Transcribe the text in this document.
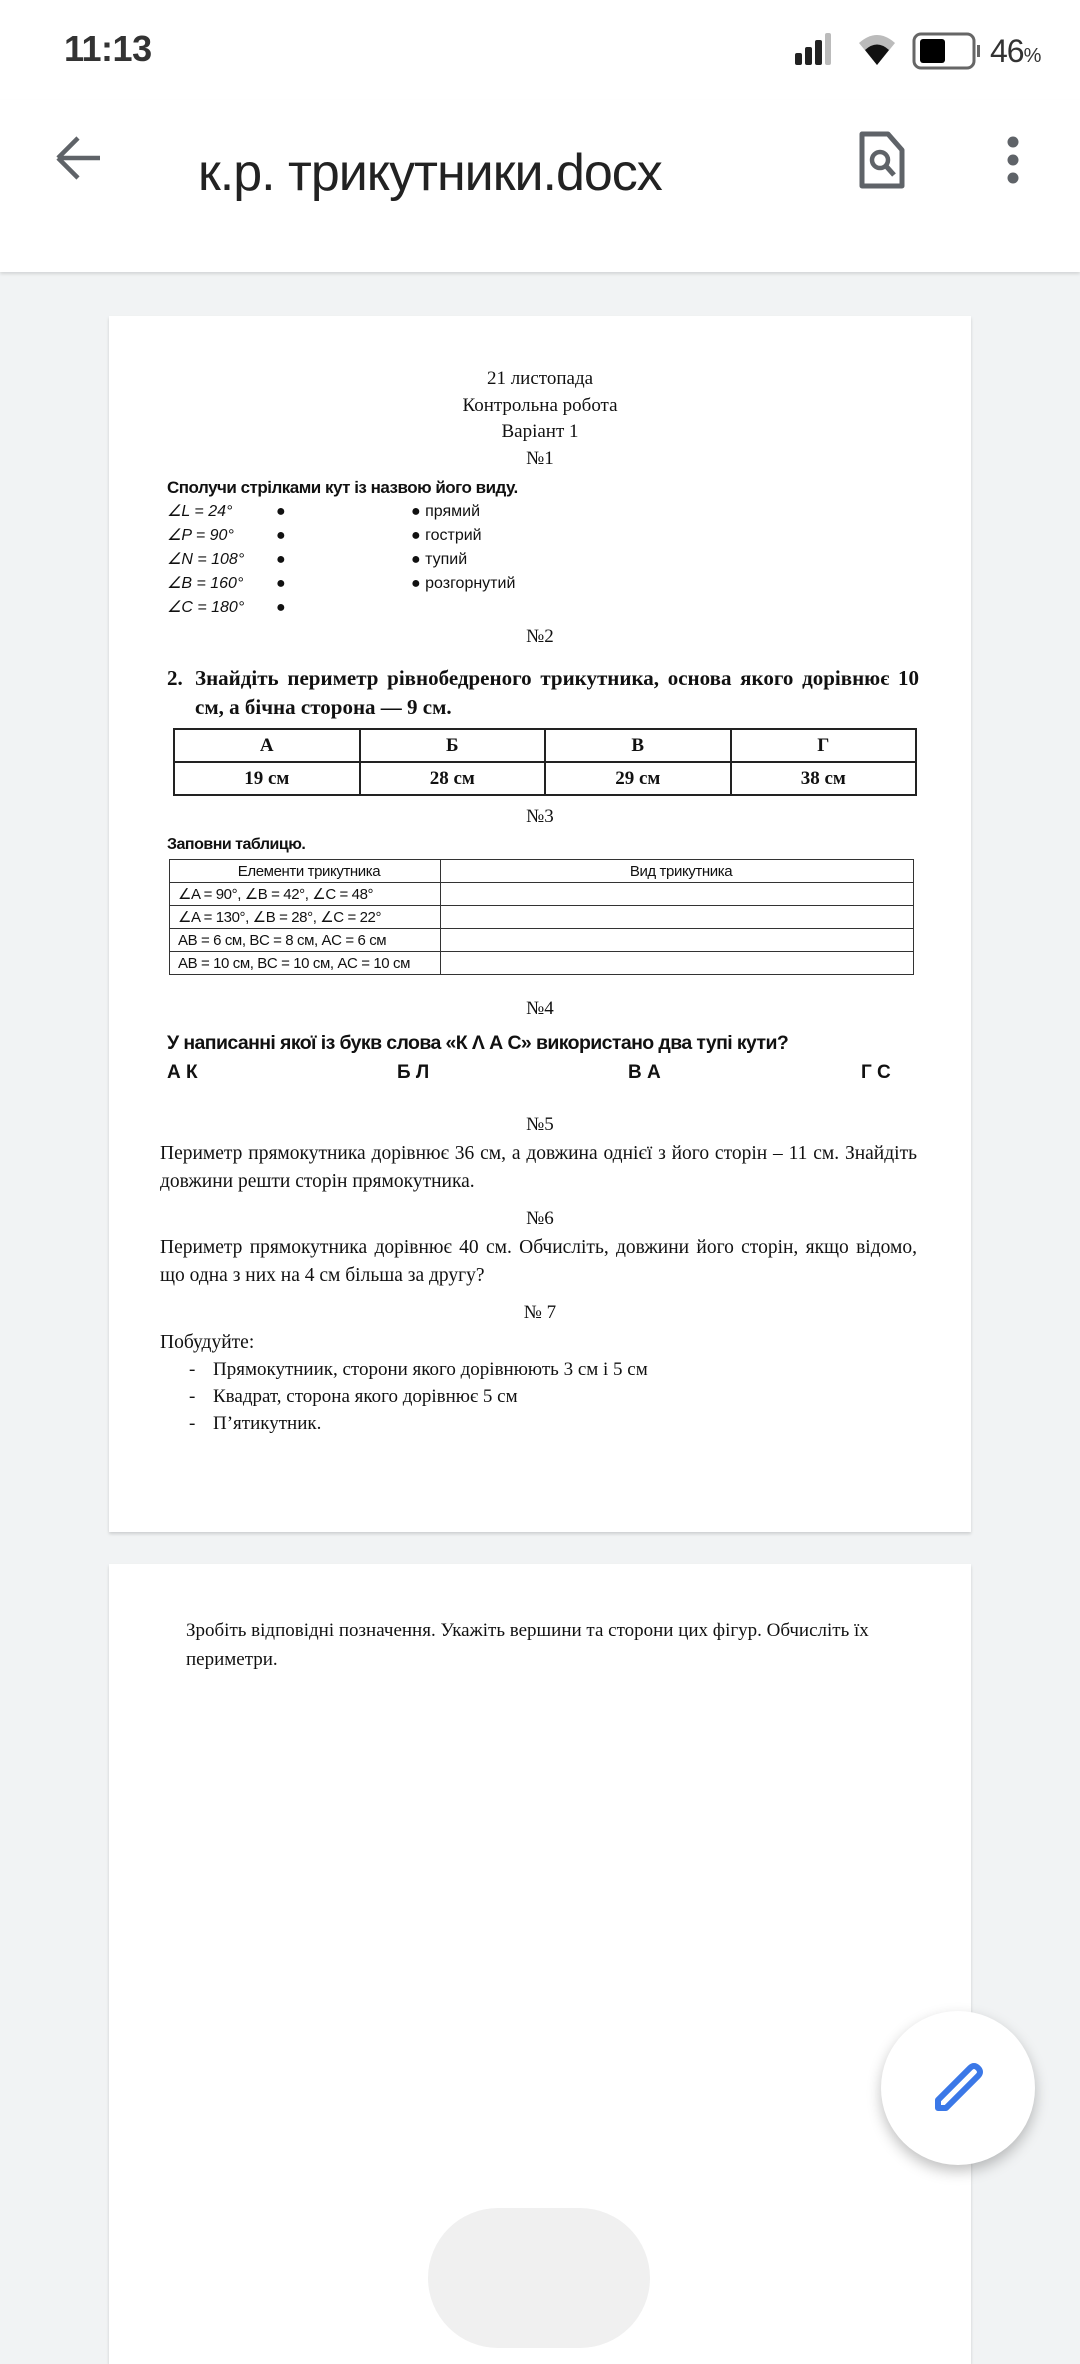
11:13	46%
к.р. трикутники.docx
21 листопада
Контрольна робота
Варіант 1
№1
Сполучи стрілками кут із назвою його виду.
∠L = 24°
∠P = 90°
∠N = 108°
∠B = 160°
∠C = 180°
●
●
●
●
●
● прямий
● гострий
● тупий
● розгорнутий
№2
2. Знайдіть периметр рівнобедреного трикутника, основа якого дорівнює 10 см, а бічна сторона — 9 см.
А	Б	В	Г
19 см	28 см	29 см	38 см
№3
Заповни таблицю.
Елементи трикутника	Вид трикутника
∠A = 90°, ∠B = 42°, ∠C = 48°	
∠A = 130°, ∠B = 28°, ∠C = 22°	
AB = 6 см, BC = 8 см, AC = 6 см	
AB = 10 см, BC = 10 см, AC = 10 см	
№4
У написанні якої із букв слова «К Λ А С» використано два тупі кути?
А К	Б Л	В А	Г С
№5
Периметр прямокутника дорівнює 36 см, а довжина однієї з його сторін – 11 см. Знайдіть довжини решти сторін прямокутника.
№6
Периметр прямокутника дорівнює 40 см. Обчисліть, довжини його сторін, якщо відомо, що одна з них на 4 см більша за другу?
№ 7
Побудуйте:
- Прямокутниик, сторони якого дорівнюють 3 см і 5 см
- Квадрат, сторона якого дорівнює 5 см
- П’ятикутник.
Зробіть відповідні позначення. Укажіть вершини та сторони цих фігур. Обчисліть їх периметри.
